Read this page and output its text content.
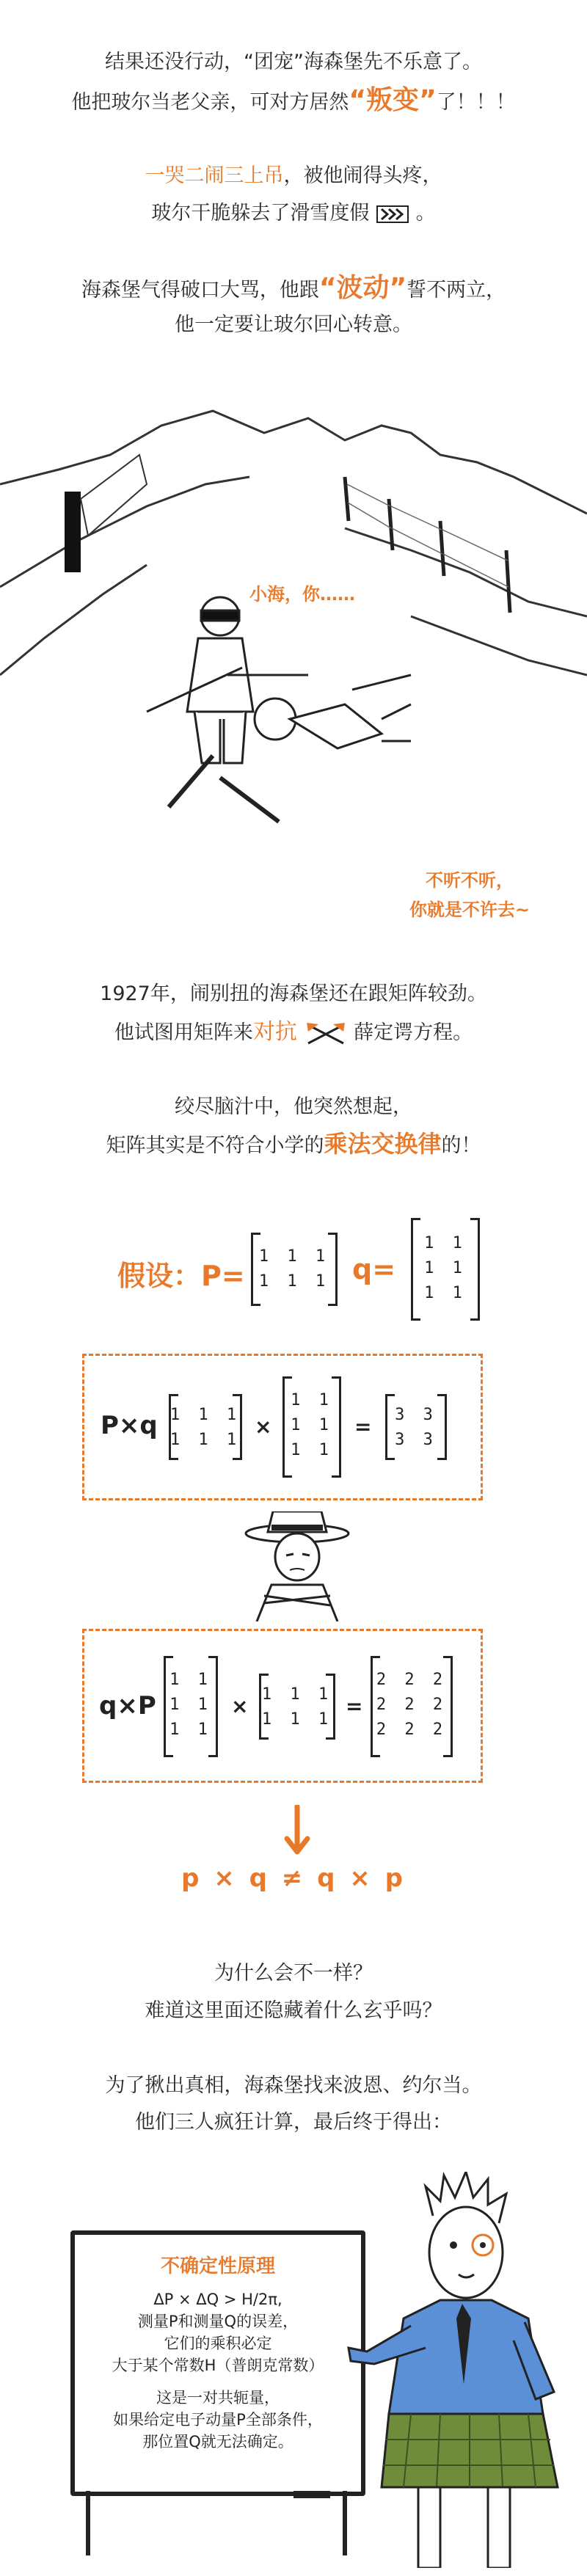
结果还没行动，“团宠”海森堡先不乐意了。
他把玻尔当老父亲，可对方居然“叛变”了！！！
一哭二闹三上吊，被他闹得头疼，
玻尔干脆躲去了滑雪度假 。
海森堡气得破口大骂，他跟“波动”誓不两立，
他一定要让玻尔回心转意。
小海，你……
不听不听，
你就是不许去~
1927年，闹别扭的海森堡还在跟矩阵较劲。
他试图用矩阵来对抗	薛定谔方程。
绞尽脑汁中，他突然想起，
矩阵其实是不符合小学的乘法交换律的！
假设：P=
1 1 1
1 1 1 q=
1 1
1 1
1 1
P×q 1 1 1
1 1 1
×
1 1
1 1
1 1
=	3 3
3 3
q×P
1 1
1 1
1 1
× 1 1 1
1 1 1
=
2 2 2
2 2 2
2 2 2
p × q ≠ q × p
为什么会不一样？
难道这里面还隐藏着什么玄乎吗？
为了揪出真相，海森堡找来波恩、约尔当。
他们三人疯狂计算，最后终于得出：
不确定性原理
ΔP × ΔQ > H/2π,
测量P和测量Q的误差，
它们的乘积必定
大于某个常数H（普朗克常数）
这是一对共轭量，
如果给定电子动量P全部条件，
那位置Q就无法确定。
